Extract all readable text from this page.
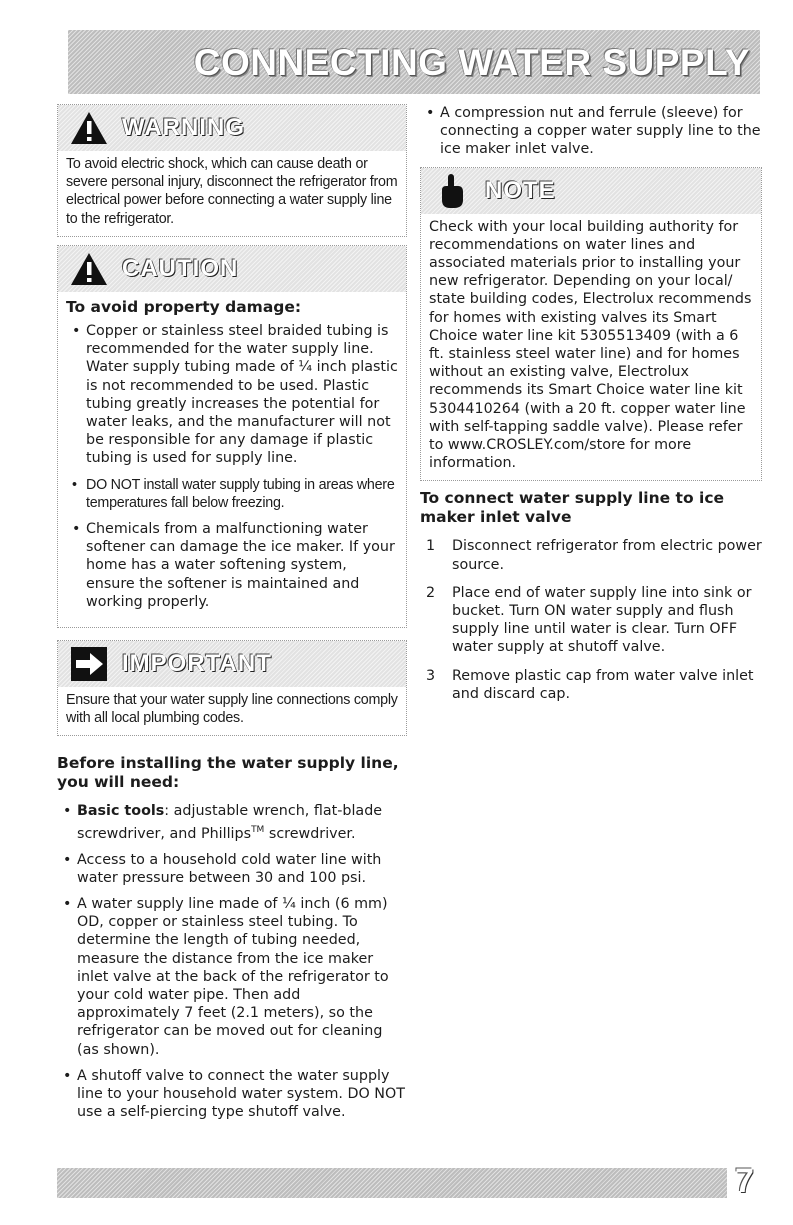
CONNECTING WATER SUPPLY
WARNING
To avoid electric shock, which can cause death or severe personal injury, disconnect the refrigerator from electrical power before connecting a water supply line to the refrigerator.
CAUTION
To avoid property damage:
• Copper or stainless steel braided tubing is recommended for the water supply line. Water supply tubing made of ¼ inch plastic is not recommended to be used. Plastic tubing greatly increases the potential for water leaks, and the manufacturer will not be responsible for any damage if plastic tubing is used for supply line.
• DO NOT install water supply tubing in areas where temperatures fall below freezing.
• Chemicals from a malfunctioning water softener can damage the ice maker. If your home has a water softening system, ensure the softener is maintained and working properly.
IMPORTANT
Ensure that your water supply line connections comply with all local plumbing codes.
Before installing the water supply line, you will need:
• Basic tools: adjustable wrench, flat-blade screwdriver, and Phillips™ screwdriver.
• Access to a household cold water line with water pressure between 30 and 100 psi.
• A water supply line made of ¼ inch (6 mm) OD, copper or stainless steel tubing. To determine the length of tubing needed, measure the distance from the ice maker inlet valve at the back of the refrigerator to your cold water pipe. Then add approximately 7 feet (2.1 meters), so the refrigerator can be moved out for cleaning (as shown).
• A shutoff valve to connect the water supply line to your household water system. DO NOT use a self-piercing type shutoff valve.
• A compression nut and ferrule (sleeve) for connecting a copper water supply line to the ice maker inlet valve.
NOTE
Check with your local building authority for recommendations on water lines and associated materials prior to installing your new refrigerator. Depending on your local/ state building codes, Electrolux recommends for homes with existing valves its Smart Choice water line kit 5305513409 (with a 6 ft. stainless steel water line) and for homes without an existing valve, Electrolux recommends its Smart Choice water line kit 5304410264 (with a 20 ft. copper water line with self-tapping saddle valve). Please refer to www.CROSLEY.com/store for more information.
To connect water supply line to ice maker inlet valve
1	Disconnect refrigerator from electric power source.
2	Place end of water supply line into sink or bucket. Turn ON water supply and flush supply line until water is clear. Turn OFF water supply at shutoff valve.
3	Remove plastic cap from water valve inlet and discard cap.
7
